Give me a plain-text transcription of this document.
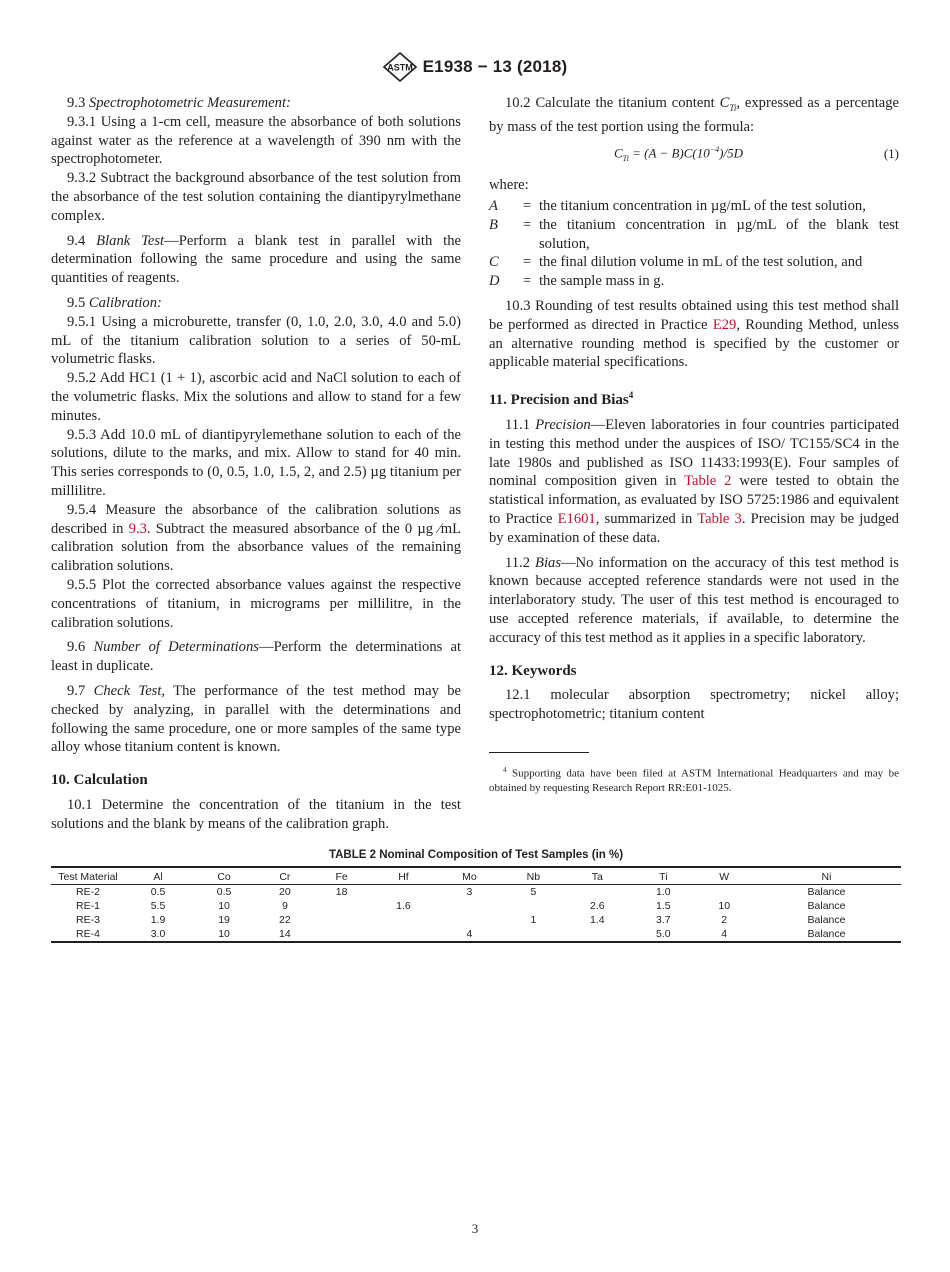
ASTM E1938 − 13 (2018)

9.3 Spectrophotometric Measurement:

9.3.1 Using a 1-cm cell, measure the absorbance of both solutions against water as the reference at a wavelength of 390 nm with the spectrophotometer.

9.3.2 Subtract the background absorbance of the test solution from the absorbance of the test solution containing the diantipyrylmethane complex.

9.4 Blank Test—Perform a blank test in parallel with the determination following the same procedure and using the same quantities of reagents.

9.5 Calibration:

9.5.1 Using a microburette, transfer (0, 1.0, 2.0, 3.0, 4.0 and 5.0) mL of the titanium calibration solution to a series of 50-mL volumetric flasks.

9.5.2 Add HC1 (1 + 1), ascorbic acid and NaCl solution to each of the volumetric flasks. Mix the solutions and allow to stand for a few minutes.

9.5.3 Add 10.0 mL of diantipyrylemethane solution to each of the solutions, dilute to the marks, and mix. Allow to stand for 40 min. This series corresponds to (0, 0.5, 1.0, 1.5, 2, and 2.5) µg titanium per millilitre.

9.5.4 Measure the absorbance of the calibration solutions as described in 9.3. Subtract the measured absorbance of the 0 µg ⁄mL calibration solution from the absorbance values of the remaining calibration solutions.

9.5.5 Plot the corrected absorbance values against the respective concentrations of titanium, in micrograms per millilitre, in the calibration solutions.

9.6 Number of Determinations—Perform the determinations at least in duplicate.

9.7 Check Test, The performance of the test method may be checked by analyzing, in parallel with the determinations and following the same procedure, one or more samples of the same type alloy whose titanium content is known.

10. Calculation

10.1 Determine the concentration of the titanium in the test solutions and the blank by means of the calibration graph.

10.2 Calculate the titanium content $C_{Ti}$, expressed as a percentage by mass of the test portion using the formula:

$C_{Ti} = (A - B)C(10^{-4})/5D$	(1)

where:

A	= the titanium concentration in µg/mL of the test solution,
B	= the titanium concentration in µg/mL of the blank test solution,
C	= the final dilution volume in mL of the test solution, and
D	= the sample mass in g.

10.3 Rounding of test results obtained using this test method shall be performed as directed in Practice E29, Rounding Method, unless an alternative rounding method is specified by the customer or applicable material specifications.

11. Precision and Bias$^4$

11.1 Precision—Eleven laboratories in four countries participated in testing this method under the auspices of ISO/ TC155/SC4 in the late 1980s and published as ISO 11433:1993(E). Four samples of nominal composition given in Table 2 were tested to obtain the statistical information, as evaluated by ISO 5725:1986 and equivalent to Practice E1601, summarized in Table 3. Precision may be judged by examination of these data.

11.2 Bias—No information on the accuracy of this test method is known because accepted reference standards were not used in the interlaboratory study. The user of this test method is encouraged to use accepted reference materials, if available, to determine the accuracy of this test method as it applies in a specific laboratory.

12. Keywords

12.1 molecular absorption spectrometry; nickel alloy; spectrophotometric; titanium content

$^4$ Supporting data have been filed at ASTM International Headquarters and may be obtained by requesting Research Report RR:E01-1025.

TABLE 2 Nominal Composition of Test Samples (in %)
Test Material	Al	Co	Cr	Fe	Hf	Mo	Nb	Ta	Ti	W	Ni
RE-2	0.5	0.5	20	18		3	5		1.0		Balance
RE-1	5.5	10	9		1.6			2.6	1.5	10	Balance
RE-3	1.9	19	22				1	1.4	3.7	2	Balance
RE-4	3.0	10	14			4			5.0	4	Balance
3
